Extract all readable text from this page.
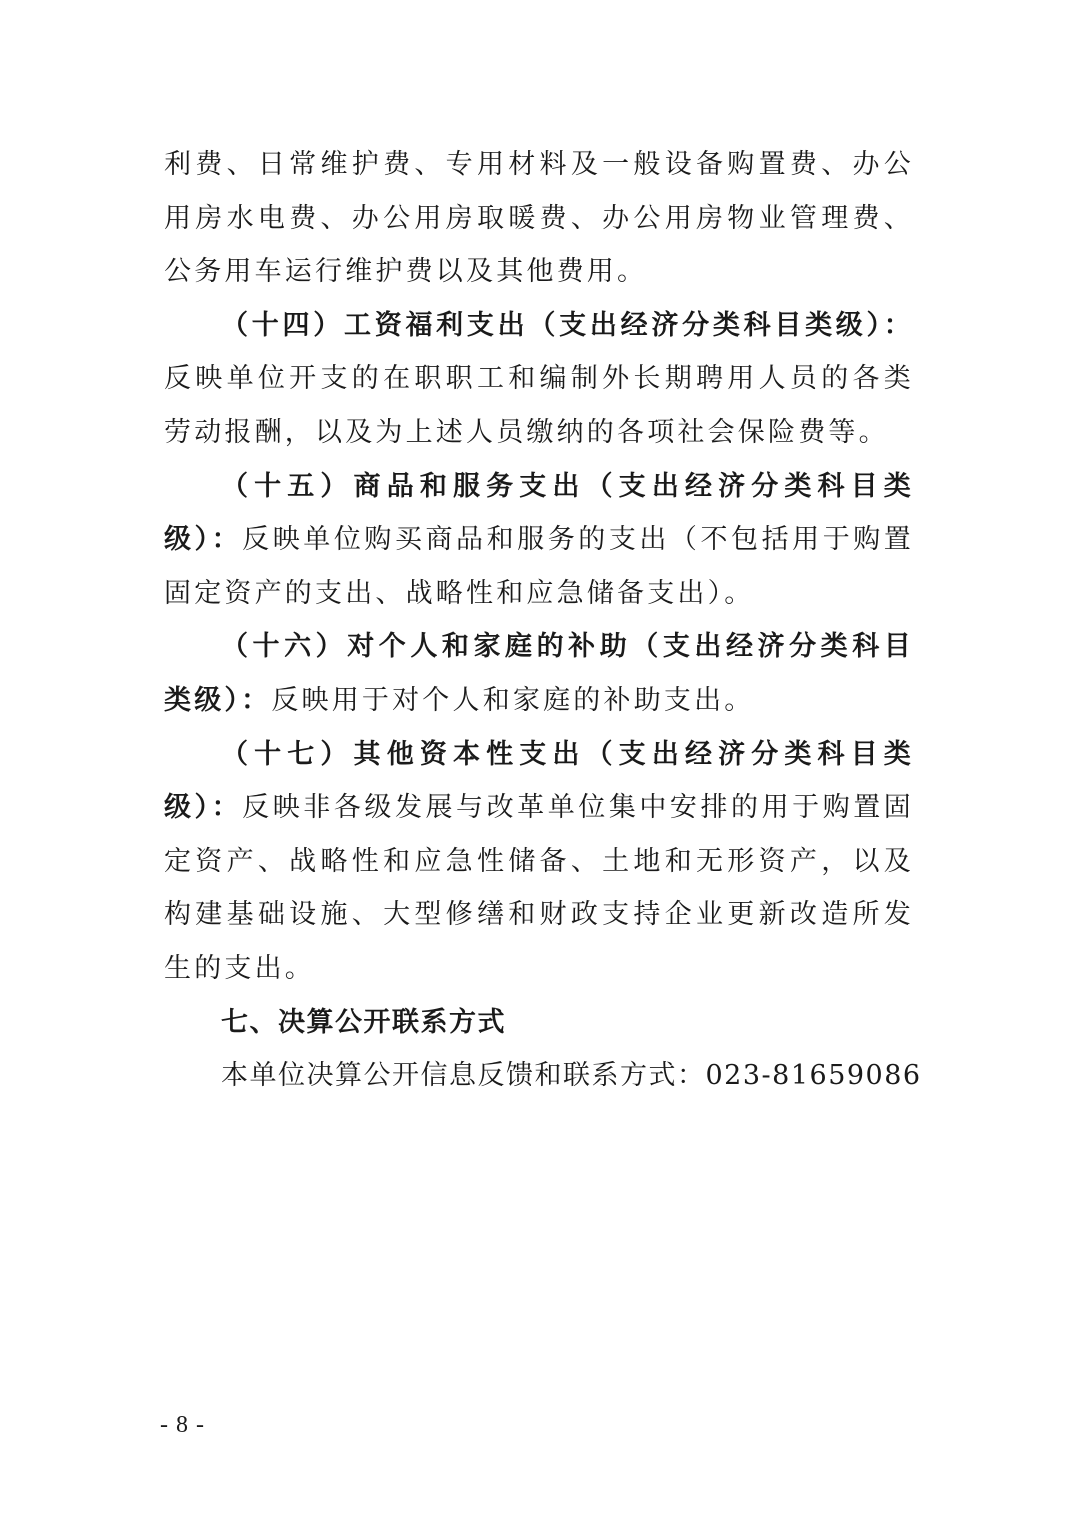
利费、日常维护费、专用材料及一般设备购置费、办公用房水电费、办公用房取暖费、办公用房物业管理费、公务用车运行维护费以及其他费用。

（十四）工资福利支出（支出经济分类科目类级）：反映单位开支的在职职工和编制外长期聘用人员的各类劳动报酬，以及为上述人员缴纳的各项社会保险费等。

（十五）商品和服务支出（支出经济分类科目类级）：反映单位购买商品和服务的支出（不包括用于购置固定资产的支出、战略性和应急储备支出）。

（十六）对个人和家庭的补助（支出经济分类科目类级）：反映用于对个人和家庭的补助支出。

（十七）其他资本性支出（支出经济分类科目类级）：反映非各级发展与改革单位集中安排的用于购置固定资产、战略性和应急性储备、土地和无形资产，以及构建基础设施、大型修缮和财政支持企业更新改造所发生的支出。

七、决算公开联系方式

本单位决算公开信息反馈和联系方式：023-81659086

- 8 -
